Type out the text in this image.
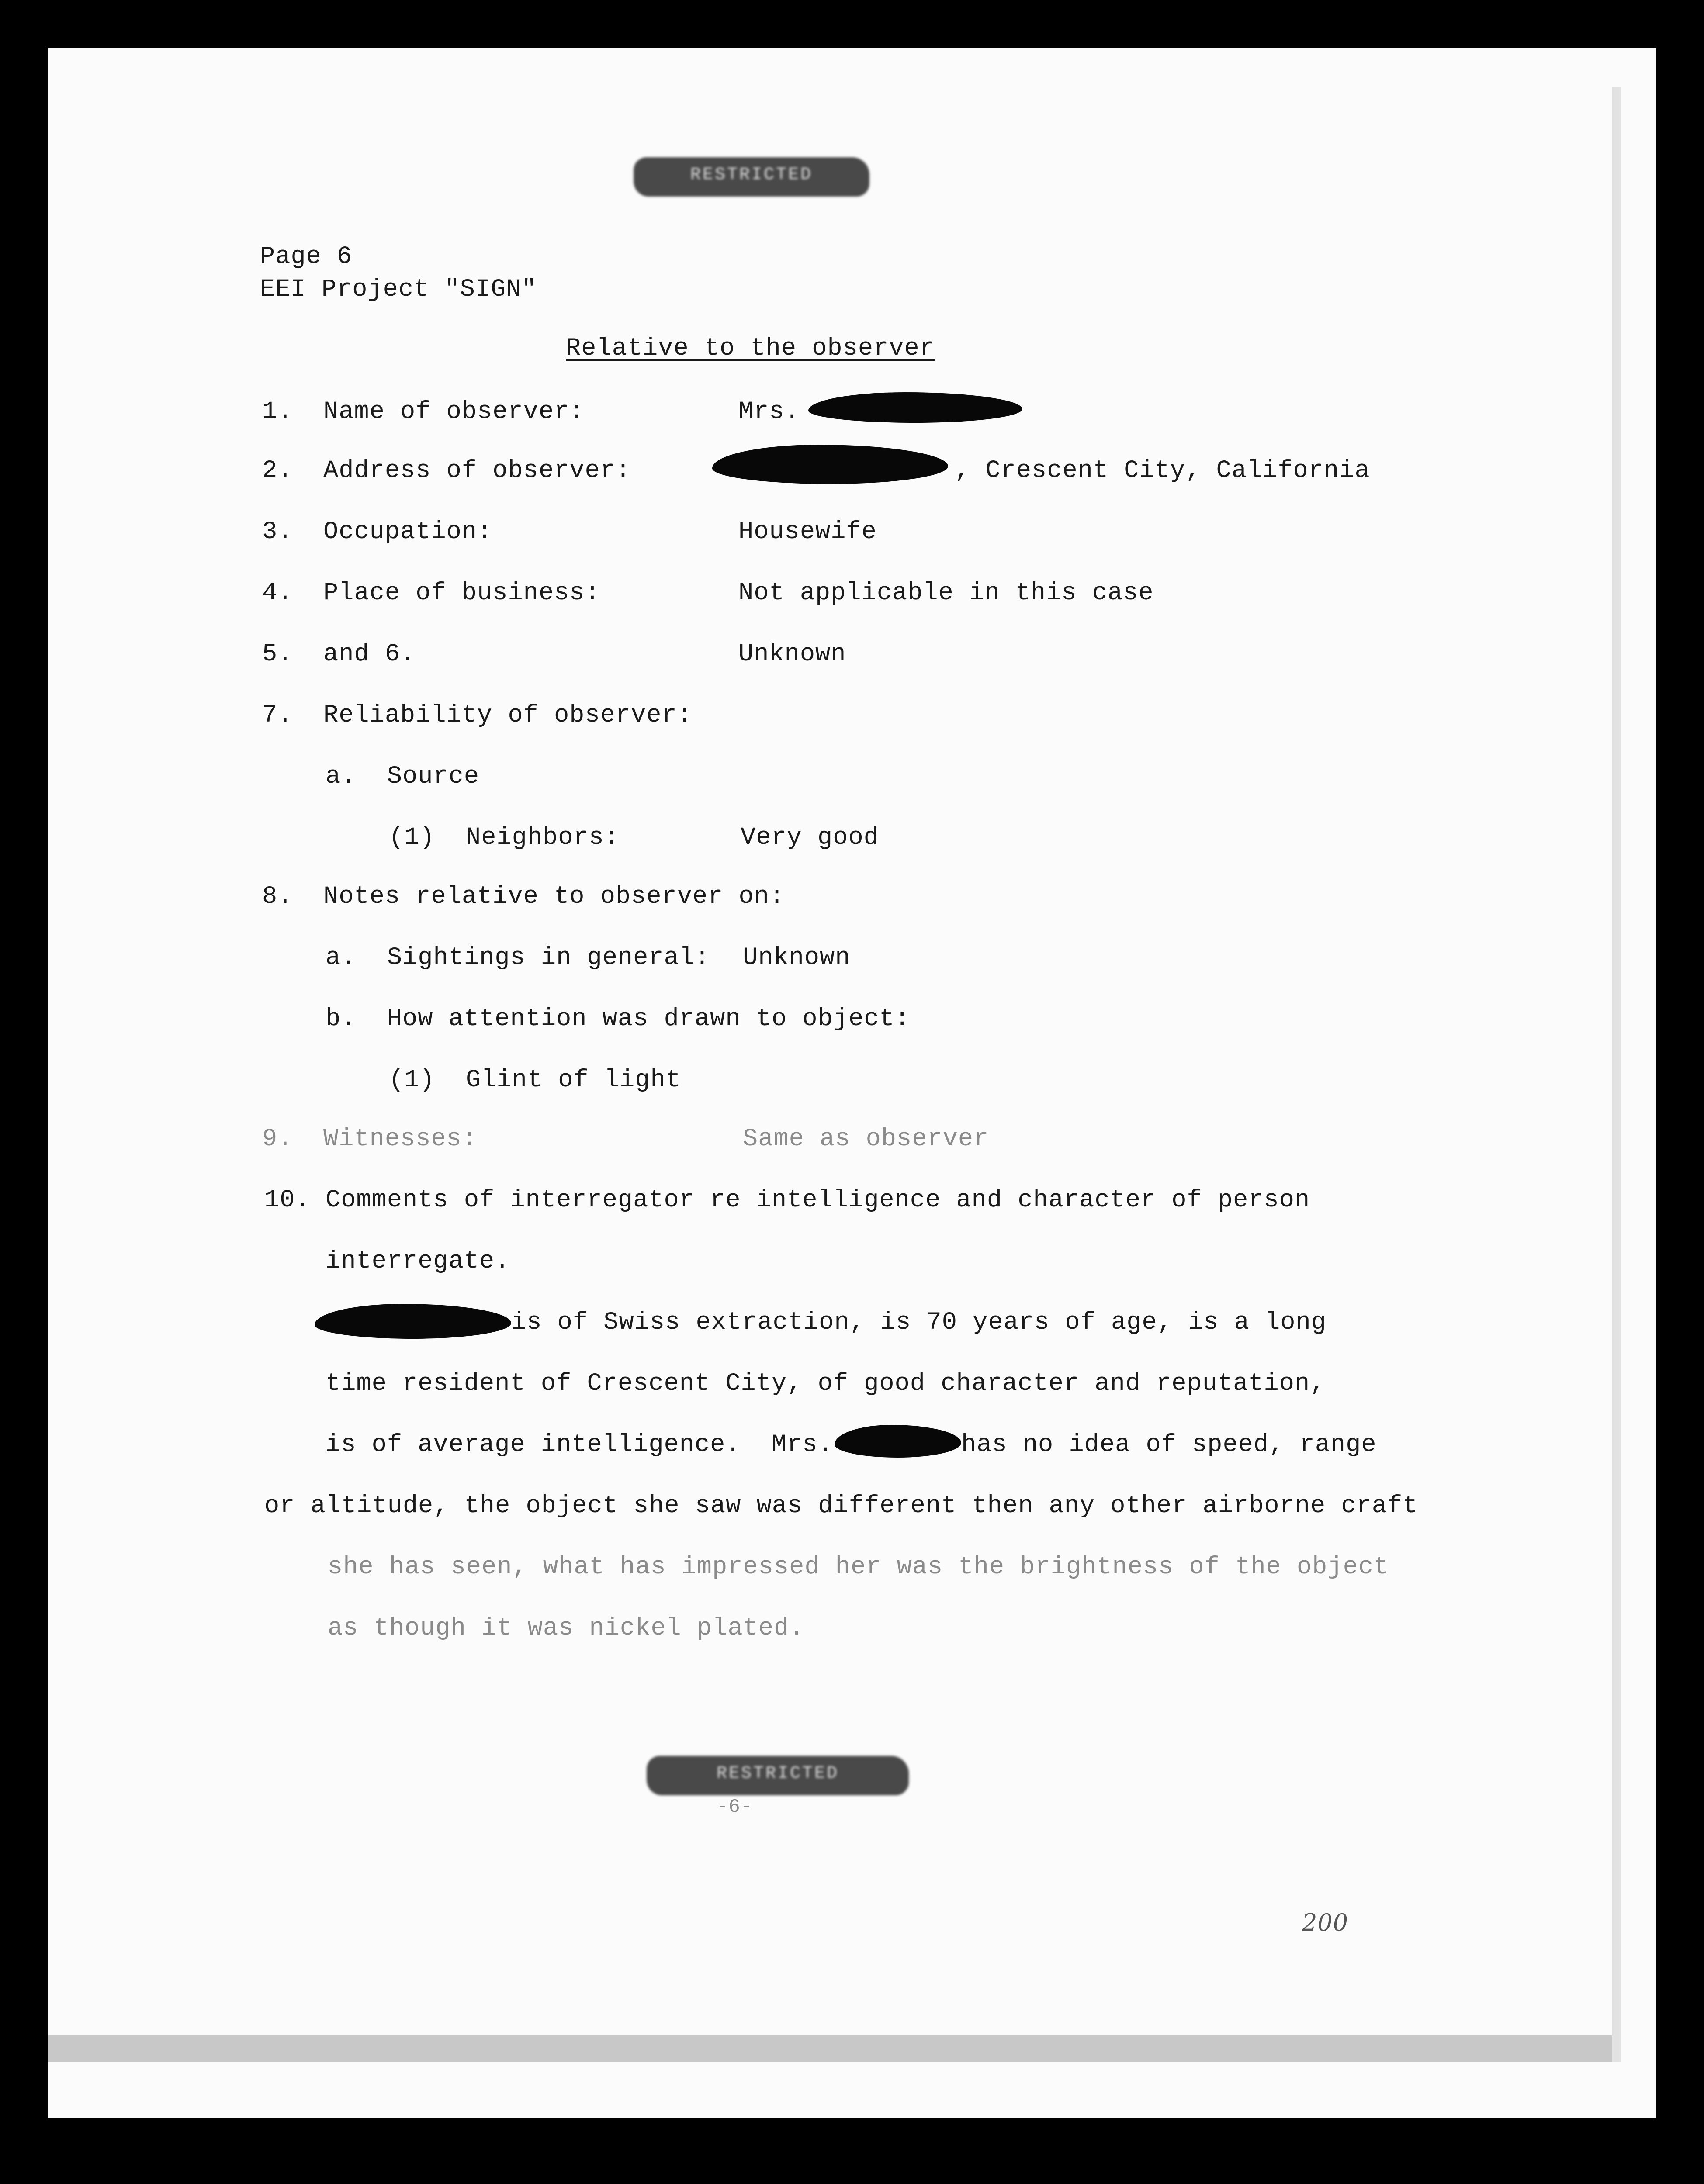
RESTRICTED
Page 6
EEI Project "SIGN"
Relative to the observer
1. Name of observer:	Mrs.
2. Address of observer:	, Crescent City, California
3. Occupation:	Housewife
4. Place of business:	Not applicable in this case
5. and 6.	Unknown
7. Reliability of observer:
a.  Source
(1)  Neighbors:	Very good
8. Notes relative to observer on:
a.  Sightings in general: Unknown
b.  How attention was drawn to object:
(1)  Glint of light
9. Witnesses:	Same as observer
10. Comments of interregator re intelligence and character of person
interregate.
is of Swiss extraction, is 70 years of age, is a long
time resident of Crescent City, of good character and reputation,
is of average intelligence.  Mrs.	has no idea of speed, range
or altitude, the object she saw was different then any other airborne craft
she has seen, what has impressed her was the brightness of the object
as though it was nickel plated.
RESTRICTED
-6-
200
